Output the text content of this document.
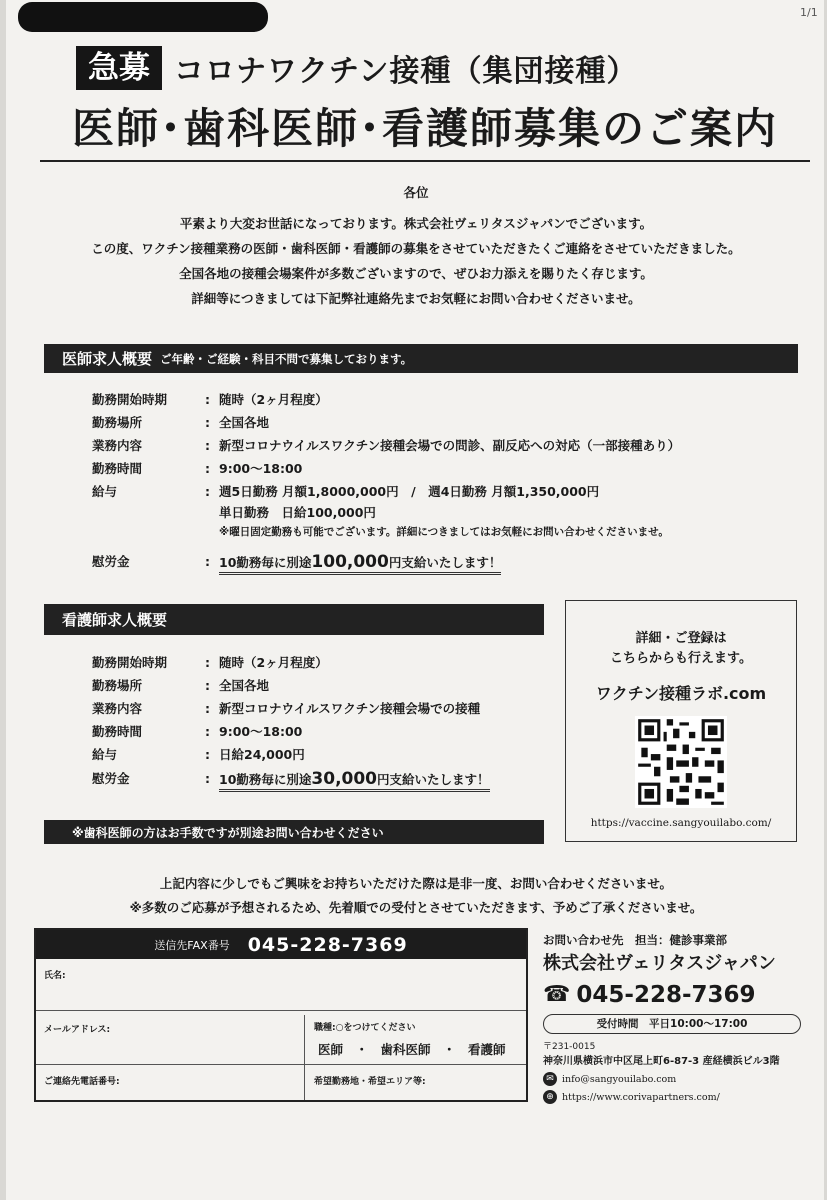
1/1
急募 コロナワクチン接種（集団接種）
医師･歯科医師･看護師募集のご案内
各位
平素より大変お世話になっております。株式会社ヴェリタスジャパンでございます。
この度、ワクチン接種業務の医師・歯科医師・看護師の募集をさせていただきたくご連絡をさせていただきました。
全国各地の接種会場案件が多数ございますので、ぜひお力添えを賜りたく存じます。
詳細等につきましては下記弊社連絡先までお気軽にお問い合わせくださいませ。
医師求人概要 ご年齢・ご経験・科目不問で募集しております。
勤務開始時期	: 随時（2ヶ月程度）
勤務場所	: 全国各地
業務内容	: 新型コロナウイルスワクチン接種会場での問診、副反応への対応（一部接種あり）
勤務時間	: 9:00～18:00
給与	: 週5日勤務 月額1,8000,000円　/　週4日勤務 月額1,350,000円
単日勤務　日給100,000円
※曜日固定勤務も可能でございます。詳細につきましてはお気軽にお問い合わせくださいませ。
慰労金	: 10勤務毎に別途100,000円支給いたします！
看護師求人概要
勤務開始時期	: 随時（2ヶ月程度）
勤務場所	: 全国各地
業務内容	: 新型コロナウイルスワクチン接種会場での接種
勤務時間	: 9:00～18:00
給与	: 日給24,000円
慰労金	: 10勤務毎に別途30,000円支給いたします！
※歯科医師の方はお手数ですが別途お問い合わせください
詳細・ご登録は
こちらからも行えます。
ワクチン接種ラボ.com
https://vaccine.sangyouilabo.com/
上記内容に少しでもご興味をお持ちいただけた際は是非一度、お問い合わせくださいませ。
※多数のご応募が予想されるため、先着順での受付とさせていただきます、予めご了承くださいませ。
送信先FAX番号 045-228-7369
氏名:
メールアドレス:	職種:○をつけてください
医師　・　歯科医師　・　看護師
ご連絡先電話番号:	希望勤務地・希望エリア等:
お問い合わせ先　担当：健診事業部
株式会社ヴェリタスジャパン
☎ 045-228-7369
受付時間　平日10:00～17:00
〒231-0015
神奈川県横浜市中区尾上町6-87-3 産経横浜ビル3階
✉ info@sangyouilabo.com
⊕ https://www.corivapartners.com/
